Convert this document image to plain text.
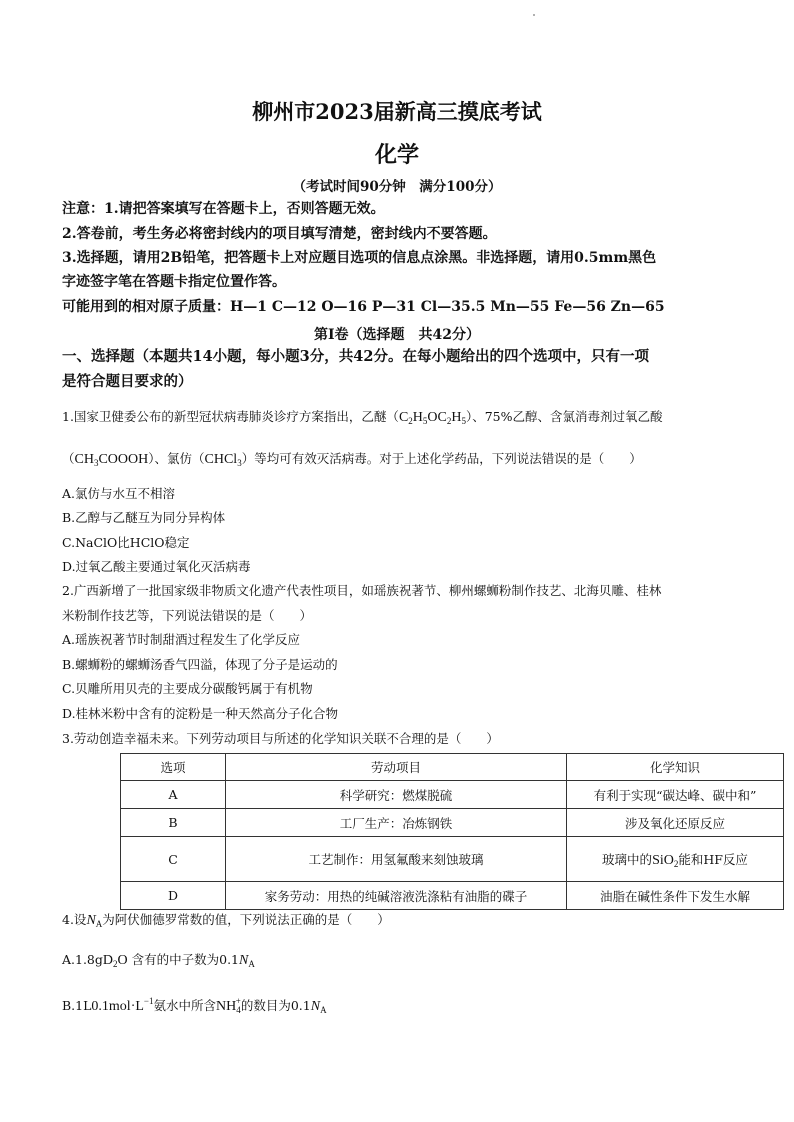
柳州市2023届新高三摸底考试
化学
（考试时间90分钟　满分100分）
注意：1.请把答案填写在答题卡上，否则答题无效。
2.答卷前，考生务必将密封线内的项目填写清楚，密封线内不要答题。
3.选择题，请用2B铅笔，把答题卡上对应题目选项的信息点涂黑。非选择题，请用0.5mm黑色
字迹签字笔在答题卡指定位置作答。
可能用到的相对原子质量：H—1 C—12 O—16 P—31 Cl—35.5 Mn—55 Fe—56 Zn—65
第I卷（选择题　共42分）
一、选择题（本题共14小题，每小题3分，共42分。在每小题给出的四个选项中，只有一项
是符合题目要求的）
1.国家卫健委公布的新型冠状病毒肺炎诊疗方案指出，乙醚$(C_2H_5OC_2H_5)$、75%乙醇、含氯消毒剂过氧乙酸
$(CH_3COOOH)$、氯仿（CHCl$_3$）等均可有效灭活病毒。对于上述化学药品，下列说法错误的是（　　）
A.氯仿与水互不相溶
B.乙醇与乙醚互为同分异构体
C.NaClO比HClO稳定
D.过氧乙酸主要通过氧化灭活病毒
2.广西新增了一批国家级非物质文化遗产代表性项目，如瑶族祝著节、柳州螺蛳粉制作技艺、北海贝雕、桂林
米粉制作技艺等，下列说法错误的是（　　）
A.瑶族祝著节时制甜酒过程发生了化学反应
B.螺蛳粉的螺蛳汤香气四溢，体现了分子是运动的
C.贝雕所用贝壳的主要成分碳酸钙属于有机物
D.桂林米粉中含有的淀粉是一种天然高分子化合物
3.劳动创造幸福未来。下列劳动项目与所述的化学知识关联不合理的是（　　）
选项	劳动项目	化学知识
A	科学研究：燃煤脱硫	有利于实现“碳达峰、碳中和”
B	工厂生产：冶炼钢铁	涉及氧化还原反应
C	工艺制作：用氢氟酸来刻蚀玻璃	玻璃中的SiO$_2$能和HF反应
D	家务劳动：用热的纯碱溶液洗涤粘有油脂的碟子	油脂在碱性条件下发生水解
4.设$N_A$为阿伏伽德罗常数的值，下列说法正确的是（　　）
$A.1.8gD_2O$ 含有的中子数为$0.1N_A$
$B.1L0.1mol\cdot L^{-1}$氨水中所含$NH_4^+$的数目为$0.1N_A$
